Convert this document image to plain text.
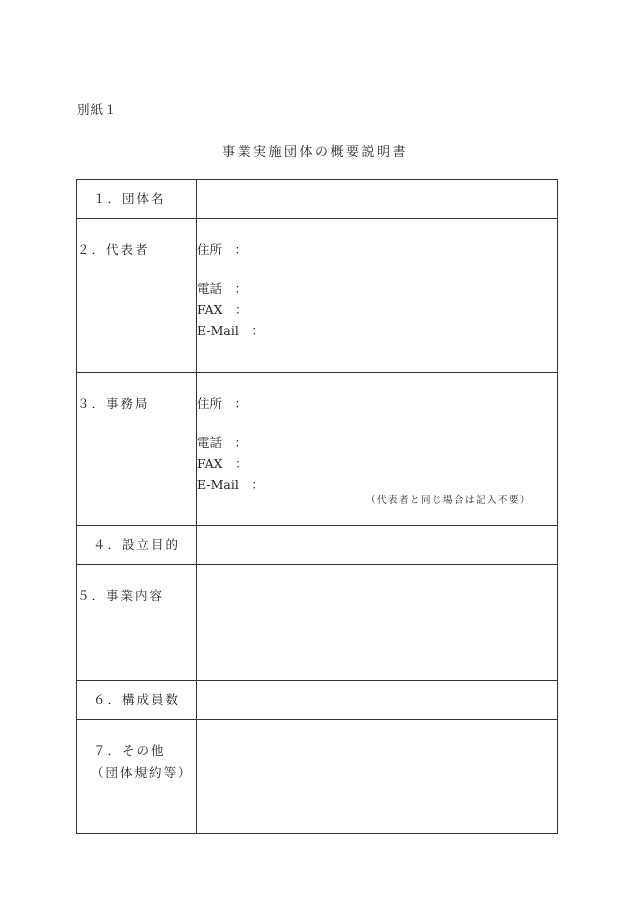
別紙１
事業実施団体の概要説明書
１．団体名	
２．代表者	住所　：
電話　：
FAX　：
E-Mail　：

３．事務局	住所　：
電話　：
FAX　：
E-Mail　：
（代表者と同じ場合は記入不要）

４．設立目的	
５．事業内容	
６．構成員数	

７．その他
（団体規約等）	
